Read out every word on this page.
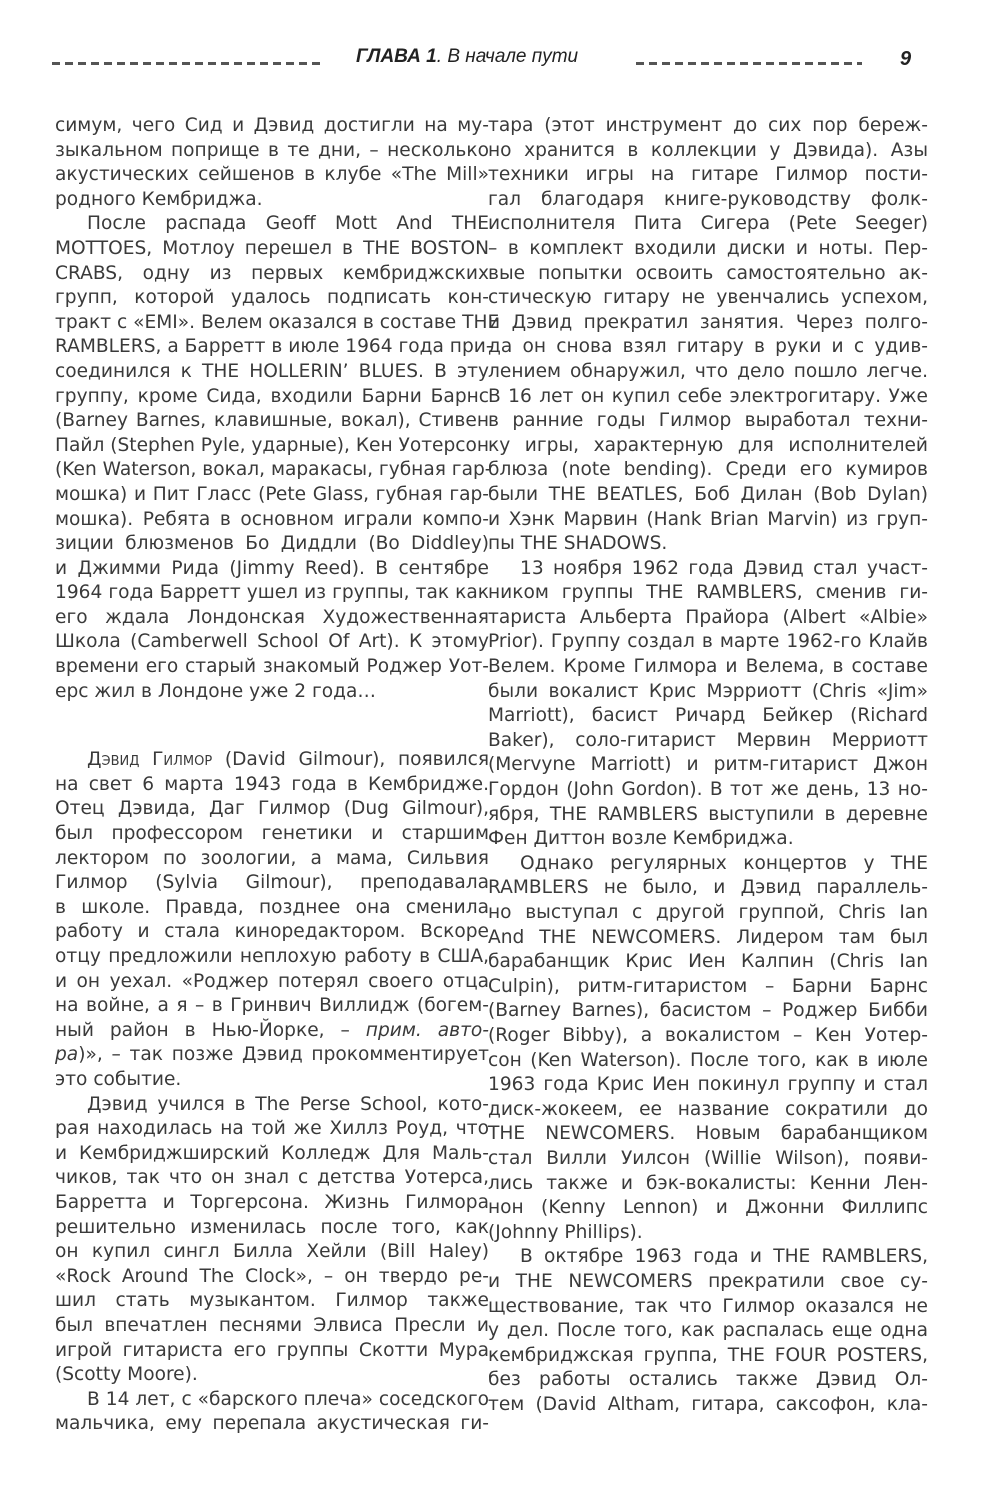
ГЛАВА 1. В начале пути	9
симум, чего Сид и Дэвид достигли на му-
зыкальном поприще в те дни, – несколько
акустических сейшенов в клубе «The Mill»
родного Кембриджа.
После распада Geoff Mott And THE
MOTTOES, Мотлоу перешел в THE BOSTON
CRABS, одну из первых кембриджских
групп, которой удалось подписать кон-
тракт с «EMI». Велем оказался в составе THE
RAMBLERS, а Барретт в июле 1964 года при-
соединился к THE HOLLERIN’ BLUES. В эту
группу, кроме Сида, входили Барни Барнс
(Barney Barnes, клавишные, вокал), Стивен
Пайл (Stephen Pyle, ударные), Кен Уотерсон
(Ken Waterson, вокал, маракасы, губная гар-
мошка) и Пит Гласс (Pete Glass, губная гар-
мошка). Ребята в основном играли компо-
зиции блюзменов Бо Диддли (Bo Diddley)
и Джимми Рида (Jimmy Reed). В сентябре
1964 года Барретт ушел из группы, так как
его ждала Лондонская Художественная
Школа (Camberwell School Of Art). К этому
времени его старый знакомый Роджер Уот-
ерс жил в Лондоне уже 2 года…
Дэвид Гилмор (David Gilmour), появился
на свет 6 марта 1943 года в Кембридже.
Отец Дэвида, Даг Гилмор (Dug Gilmour),
был профессором генетики и старшим
лектором по зоологии, а мама, Сильвия
Гилмор (Sylvia Gilmour), преподавала
в школе. Правда, позднее она сменила
работу и стала кинoредактором. Вскоре
отцу предложили неплохую работу в США,
и он уехал. «Роджер потерял своего отца
на войне, а я – в Гринвич Виллидж (богем-
ный район в Нью-Йорке, – прим. авто-
ра)», – так позже Дэвид прокомментирует
это событие.
Дэвид учился в The Perse School, кото-
рая находилась на той же Хиллз Роуд, что
и Кембриджширский Колледж Для Маль-
чиков, так что он знал с детства Уотерса,
Барретта и Торгерсона. Жизнь Гилмора
решительно изменилась после того, как
он купил сингл Билла Хейли (Bill Haley)
«Rock Around The Clock», – он твердо ре-
шил стать музыкантом. Гилмор также
был впечатлен песнями Элвиса Пресли и
игрой гитариста его группы Скотти Мура
(Scotty Moore).
В 14 лет, с «барского плеча» соседского
мальчика, ему перепала акустическая ги-
тара (этот инструмент до сих пор береж-
но хранится в коллекции у Дэвида). Азы
техники игры на гитаре Гилмор пости-
гал благодаря книге-руководству фолк-
исполнителя Пита Сигера (Pete Seeger)
– в комплект входили диски и ноты. Пер-
вые попытки освоить самостоятельно ак-
стическую гитару не увенчались успехом,
и Дэвид прекратил занятия. Через полго-
да он снова взял гитару в руки и с удив-
лением обнаружил, что дело пошло легче.
В 16 лет он купил себе электрогитару. Уже
в ранние годы Гилмор выработал техни-
ку игры, характерную для исполнителей
блюза (note bending). Среди его кумиров
были THE BEATLES, Боб Дилан (Bob Dylan)
и Хэнк Марвин (Hank Brian Marvin) из груп-
пы THE SHADOWS.
13 ноября 1962 года Дэвид стал участ-
ником группы THE RAMBLERS, сменив ги-
тариста Альберта Прайора (Albert «Albie»
Prior). Группу создал в марте 1962-го Клайв
Велем. Кроме Гилмора и Велема, в составе
были вокалист Крис Мэрриотт (Chris «Jim»
Marriott), басист Ричард Бейкер (Richard
Baker), соло-гитарист Мервин Мерриотт
(Mervyne Marriott) и ритм-гитарист Джон
Гордон (John Gordon). В тот же день, 13 но-
ября, THE RAMBLERS выступили в деревне
Фен Диттон возле Кембриджа.
Однако регулярных концертов у THE
RAMBLERS не было, и Дэвид параллель-
но выступал с другой группой, Chris Ian
And THE NEWCOMERS. Лидером там был
барабанщик Крис Иен Калпин (Chris Ian
Culpin), ритм-гитаристом – Барни Барнс
(Barney Barnes), басистом – Роджер Бибби
(Roger Bibby), а вокалистом – Кен Уотер-
сон (Ken Waterson). После того, как в июле
1963 года Крис Иен покинул группу и стал
диск-жокеем, ее название сократили до
THE NEWCOMERS. Новым барабанщиком
стал Вилли Уилсон (Willie Wilson), появи-
лись также и бэк-вокалисты: Кенни Лен-
нон (Kenny Lennon) и Джонни Филлипс
(Johnny Phillips).
В октябре 1963 года и THE RAMBLERS,
и THE NEWCOMERS прекратили свое су-
ществование, так что Гилмор оказался не
у дел. После того, как распалась еще одна
кембриджская группа, THE FOUR POSTERS,
без работы остались также Дэвид Ол-
тем (David Altham, гитара, саксофон, кла-
